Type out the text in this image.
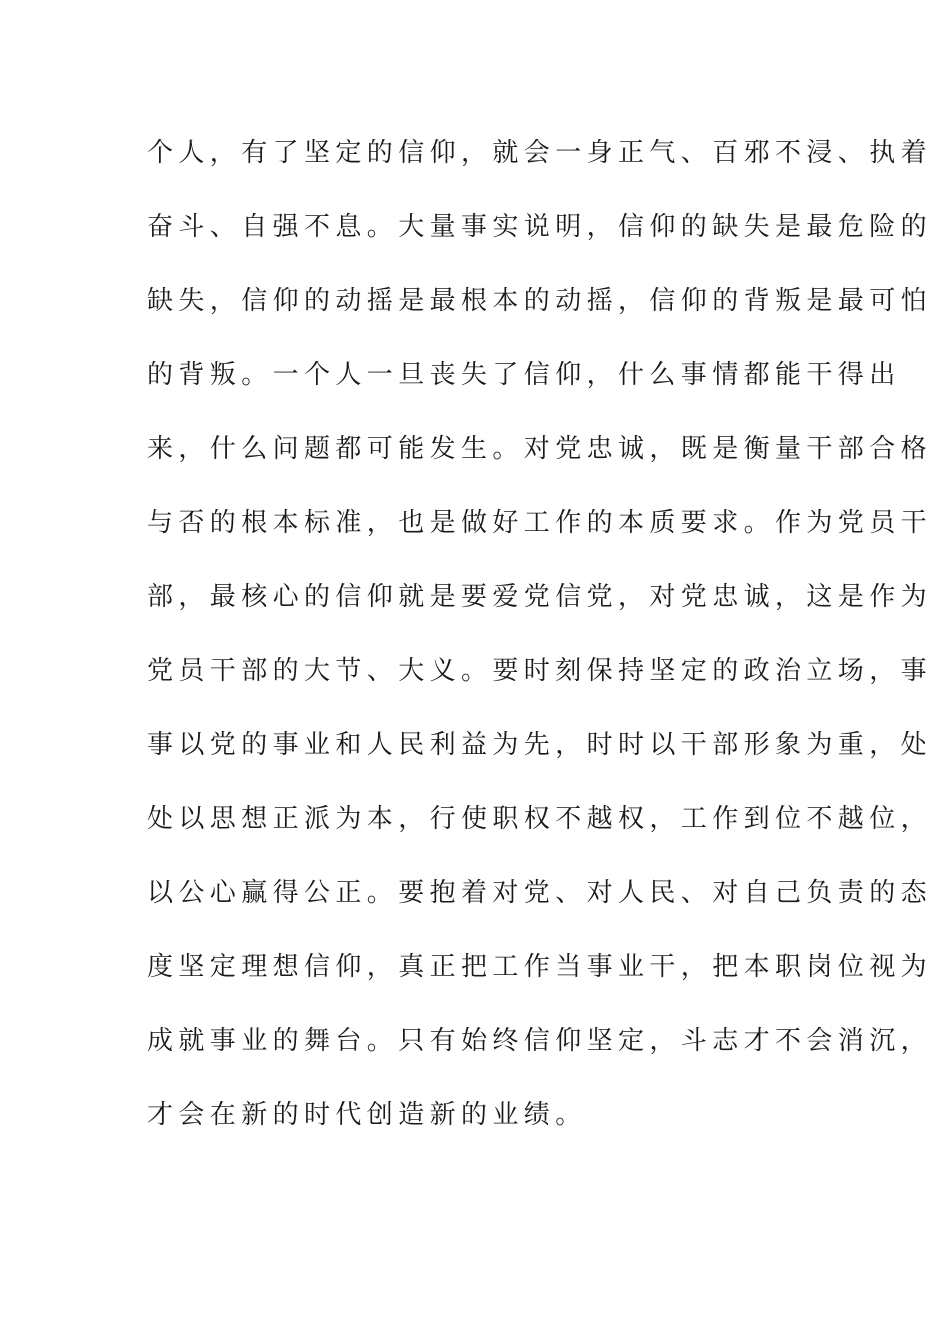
个人，有了坚定的信仰，就会一身正气、百邪不浸、执着
奋斗、自强不息。大量事实说明，信仰的缺失是最危险的
缺失，信仰的动摇是最根本的动摇，信仰的背叛是最可怕
的背叛。一个人一旦丧失了信仰，什么事情都能干得出
来，什么问题都可能发生。对党忠诚，既是衡量干部合格
与否的根本标准，也是做好工作的本质要求。作为党员干
部，最核心的信仰就是要爱党信党，对党忠诚，这是作为
党员干部的大节、大义。要时刻保持坚定的政治立场，事
事以党的事业和人民利益为先，时时以干部形象为重，处
处以思想正派为本，行使职权不越权，工作到位不越位，
以公心赢得公正。要抱着对党、对人民、对自己负责的态
度坚定理想信仰，真正把工作当事业干，把本职岗位视为
成就事业的舞台。只有始终信仰坚定，斗志才不会消沉，
才会在新的时代创造新的业绩。
